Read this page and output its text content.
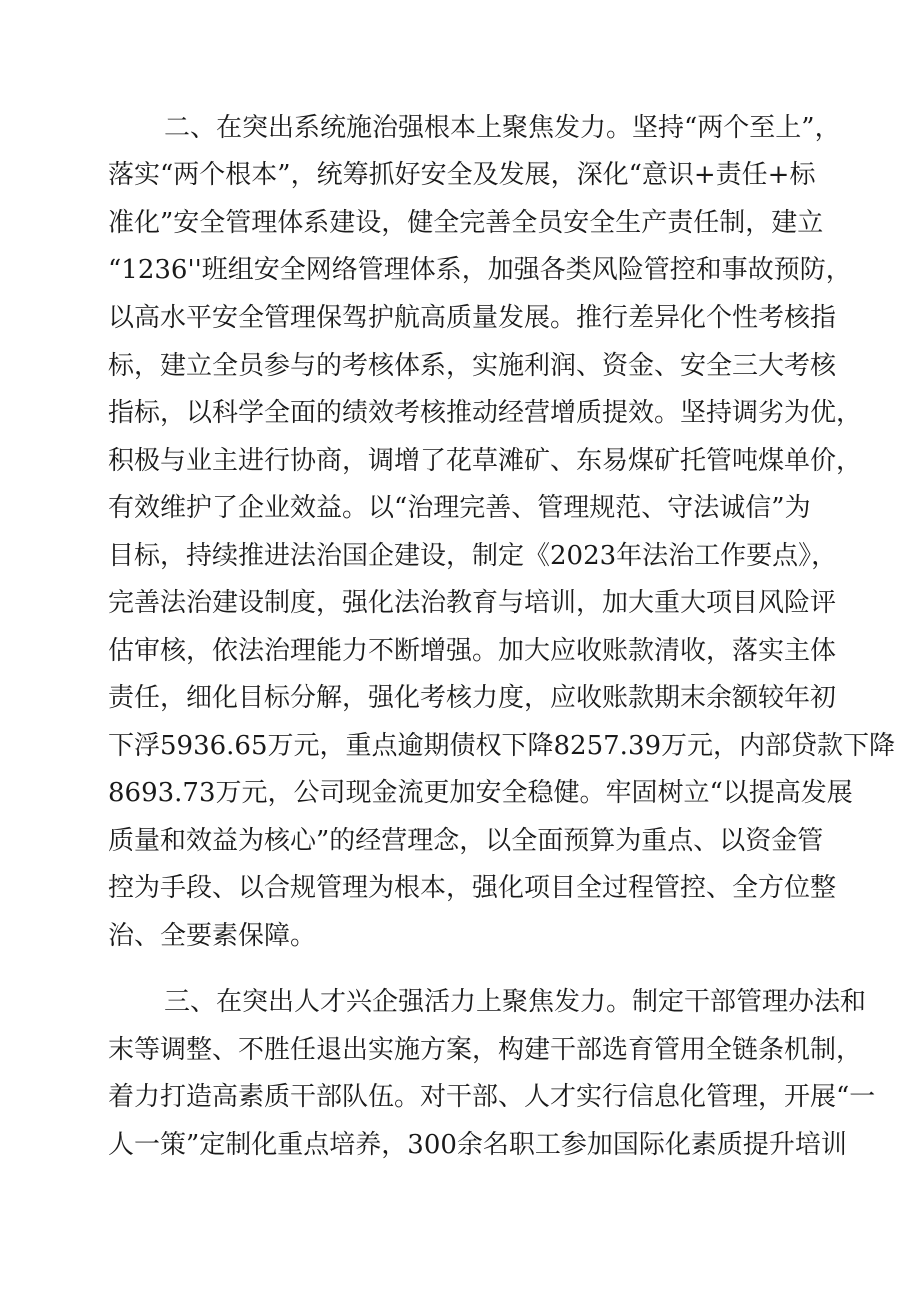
二、在突出系统施治强根本上聚焦发力。坚持“两个至上”，
落实“两个根本”，统筹抓好安全及发展，深化“意识+责任+标
准化”安全管理体系建设，健全完善全员安全生产责任制，建立
“1236''班组安全网络管理体系，加强各类风险管控和事故预防，
以高水平安全管理保驾护航高质量发展。推行差异化个性考核指
标，建立全员参与的考核体系，实施利润、资金、安全三大考核
指标，以科学全面的绩效考核推动经营增质提效。坚持调劣为优，
积极与业主进行协商，调增了花草滩矿、东易煤矿托管吨煤单价，
有效维护了企业效益。以“治理完善、管理规范、守法诚信”为
目标，持续推进法治国企建设，制定《2023年法治工作要点》，
完善法治建设制度，强化法治教育与培训，加大重大项目风险评
估审核，依法治理能力不断增强。加大应收账款清收，落实主体
责任，细化目标分解，强化考核力度，应收账款期末余额较年初
下浮5936.65万元，重点逾期债权下降8257.39万元，内部贷款下降
8693.73万元，公司现金流更加安全稳健。牢固树立“以提高发展
质量和效益为核心”的经营理念，以全面预算为重点、以资金管
控为手段、以合规管理为根本，强化项目全过程管控、全方位整
治、全要素保障。
三、在突出人才兴企强活力上聚焦发力。制定干部管理办法和
末等调整、不胜任退出实施方案，构建干部选育管用全链条机制，
着力打造高素质干部队伍。对干部、人才实行信息化管理，开展“一
人一策”定制化重点培养，300余名职工参加国际化素质提升培训
